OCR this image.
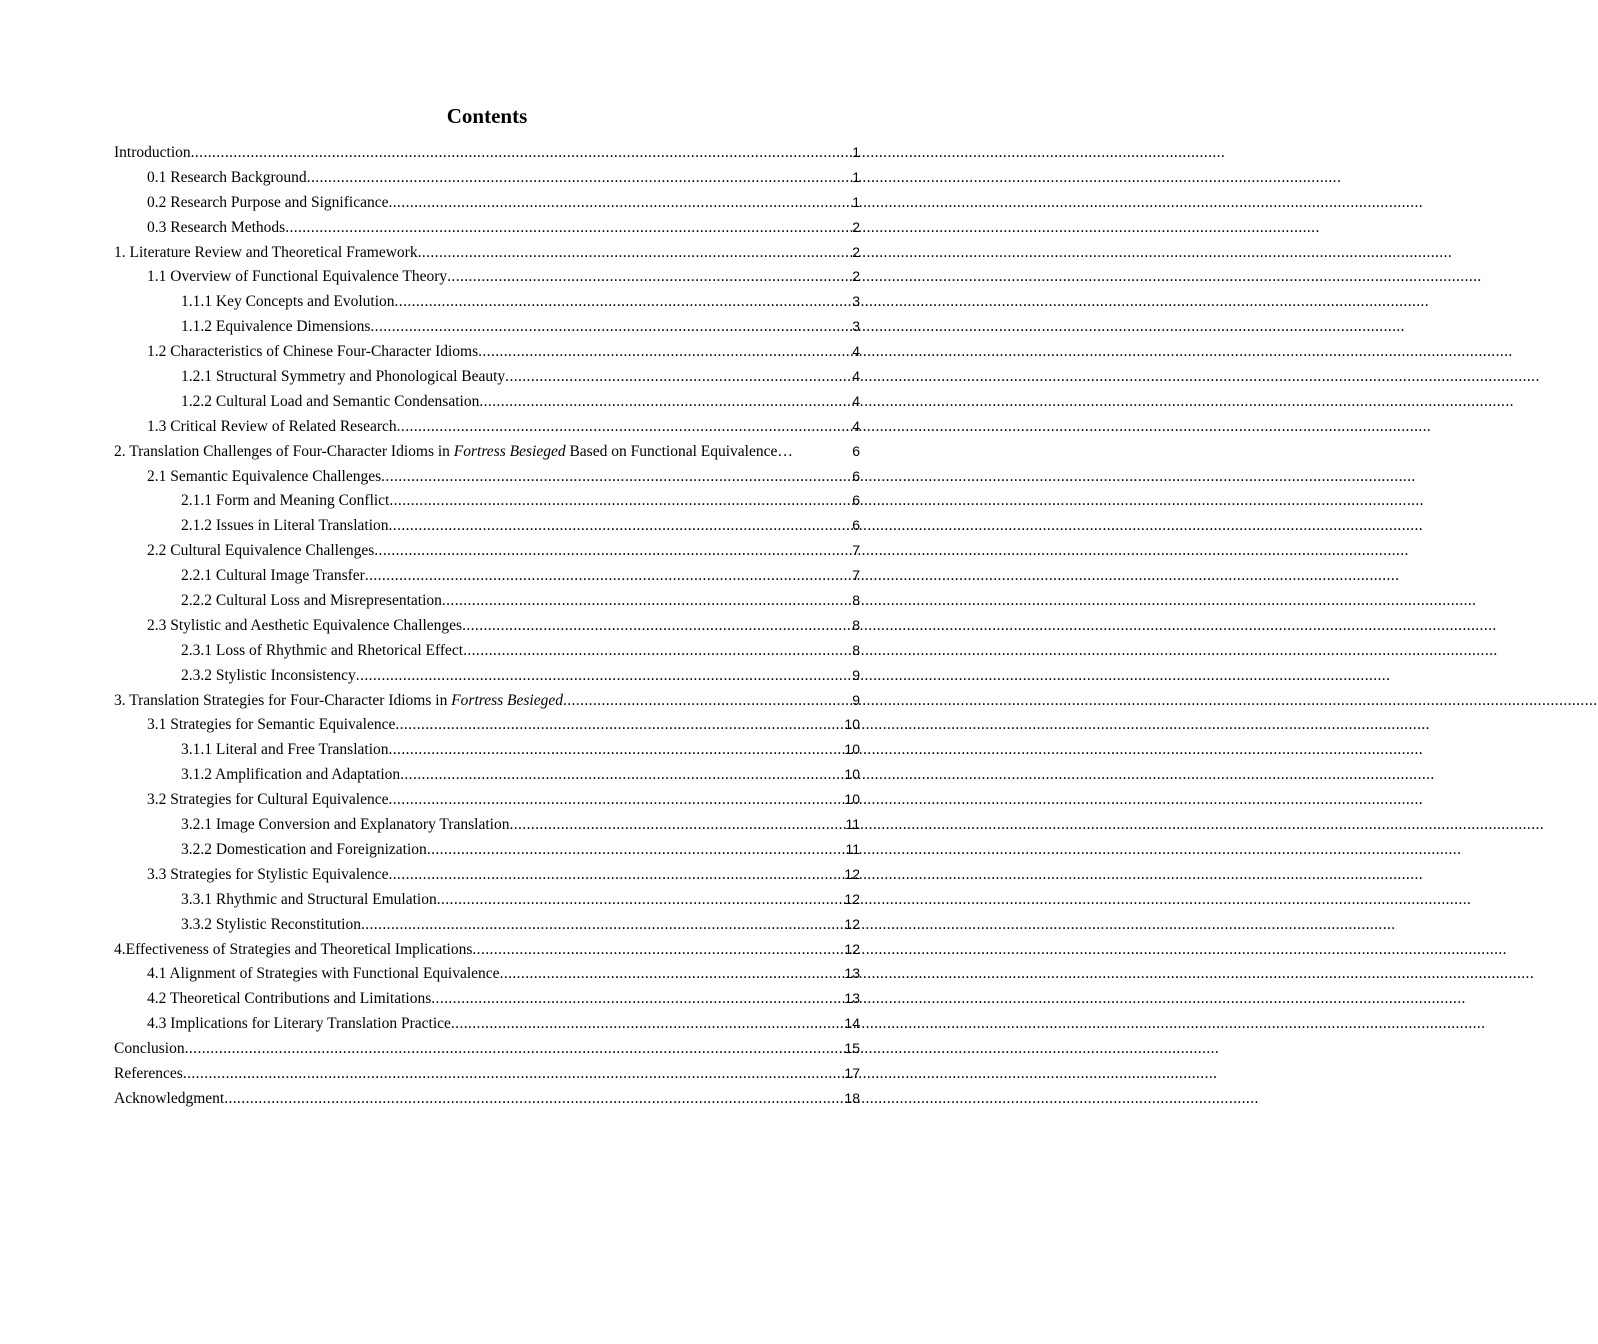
Contents
Introduction .....	1
0.1 Research Background .....	1
0.2 Research Purpose and Significance .....	1
0.3 Research Methods .....	2
1. Literature Review and Theoretical Framework .....	2
1.1 Overview of Functional Equivalence Theory .....	2
1.1.1 Key Concepts and Evolution .....	3
1.1.2 Equivalence Dimensions .....	3
1.2 Characteristics of Chinese Four-Character Idioms .....	4
1.2.1 Structural Symmetry and Phonological Beauty .....	4
1.2.2 Cultural Load and Semantic Condensation .....	4
1.3 Critical Review of Related Research .....	4
2. Translation Challenges of Four-Character Idioms in Fortress Besieged Based on Functional Equivalence…	6
2.1 Semantic Equivalence Challenges .....	6
2.1.1 Form and Meaning Conflict .....	6
2.1.2 Issues in Literal Translation .....	6
2.2 Cultural Equivalence Challenges .....	7
2.2.1 Cultural Image Transfer .....	7
2.2.2 Cultural Loss and Misrepresentation .....	8
2.3 Stylistic and Aesthetic Equivalence Challenges .....	8
2.3.1 Loss of Rhythmic and Rhetorical Effect .....	8
2.3.2 Stylistic Inconsistency .....	9
3. Translation Strategies for Four-Character Idioms in Fortress Besieged .....	9
3.1 Strategies for Semantic Equivalence .....	10
3.1.1 Literal and Free Translation .....	10
3.1.2 Amplification and Adaptation .....	10
3.2 Strategies for Cultural Equivalence .....	10
3.2.1 Image Conversion and Explanatory Translation .....	11
3.2.2 Domestication and Foreignization .....	11
3.3 Strategies for Stylistic Equivalence .....	12
3.3.1 Rhythmic and Structural Emulation .....	12
3.3.2 Stylistic Reconstitution .....	12
4.Effectiveness of Strategies and Theoretical Implications .....	12
4.1 Alignment of Strategies with Functional Equivalence .....	13
4.2 Theoretical Contributions and Limitations .....	13
4.3 Implications for Literary Translation Practice .....	14
Conclusion .....	15
References .....	17
Acknowledgment .....	18
